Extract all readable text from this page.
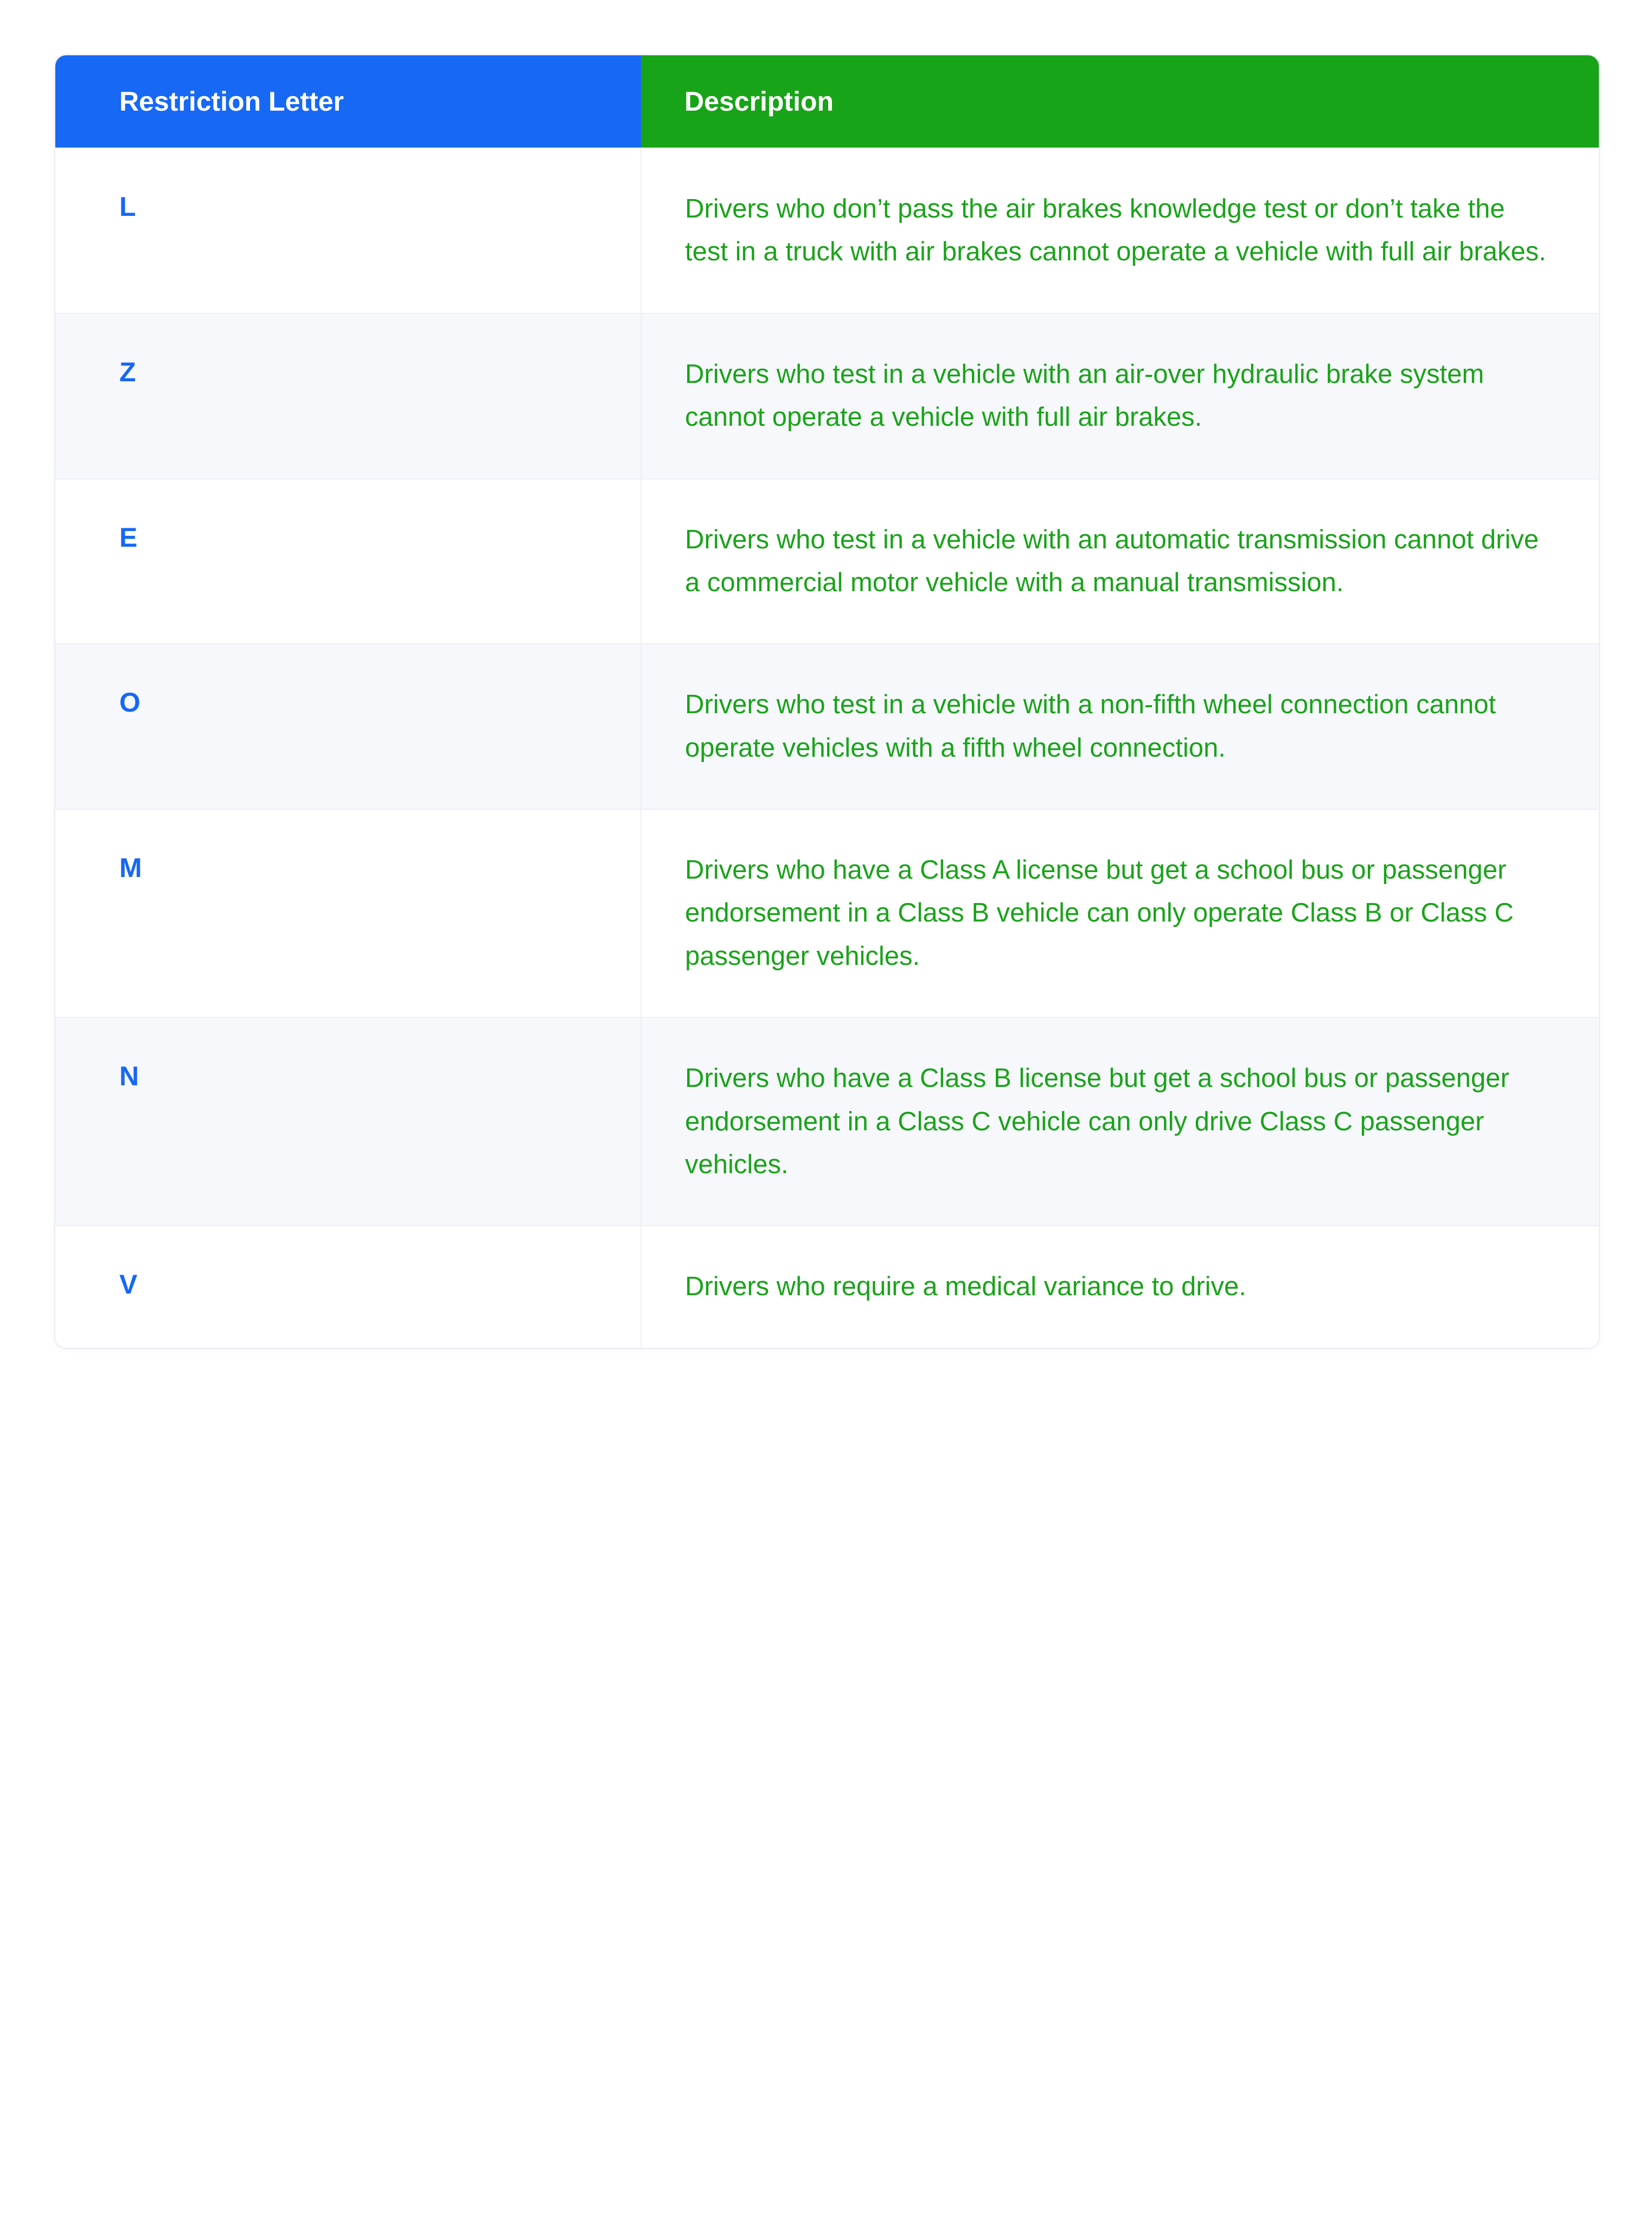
Restriction Letter	Description
L	Drivers who don’t pass the air brakes knowledge test or don’t take the test in a truck with air brakes cannot operate a vehicle with full air brakes.
Z	Drivers who test in a vehicle with an air-over hydraulic brake system cannot operate a vehicle with full air brakes.
E	Drivers who test in a vehicle with an automatic transmission cannot drive a commercial motor vehicle with a manual transmission.
O	Drivers who test in a vehicle with a non-fifth wheel connection cannot operate vehicles with a fifth wheel connection.
M	Drivers who have a Class A license but get a school bus or passenger endorsement in a Class B vehicle can only operate Class B or Class C passenger vehicles.
N	Drivers who have a Class B license but get a school bus or passenger endorsement in a Class C vehicle can only drive Class C passenger vehicles.
V	Drivers who require a medical variance to drive.
